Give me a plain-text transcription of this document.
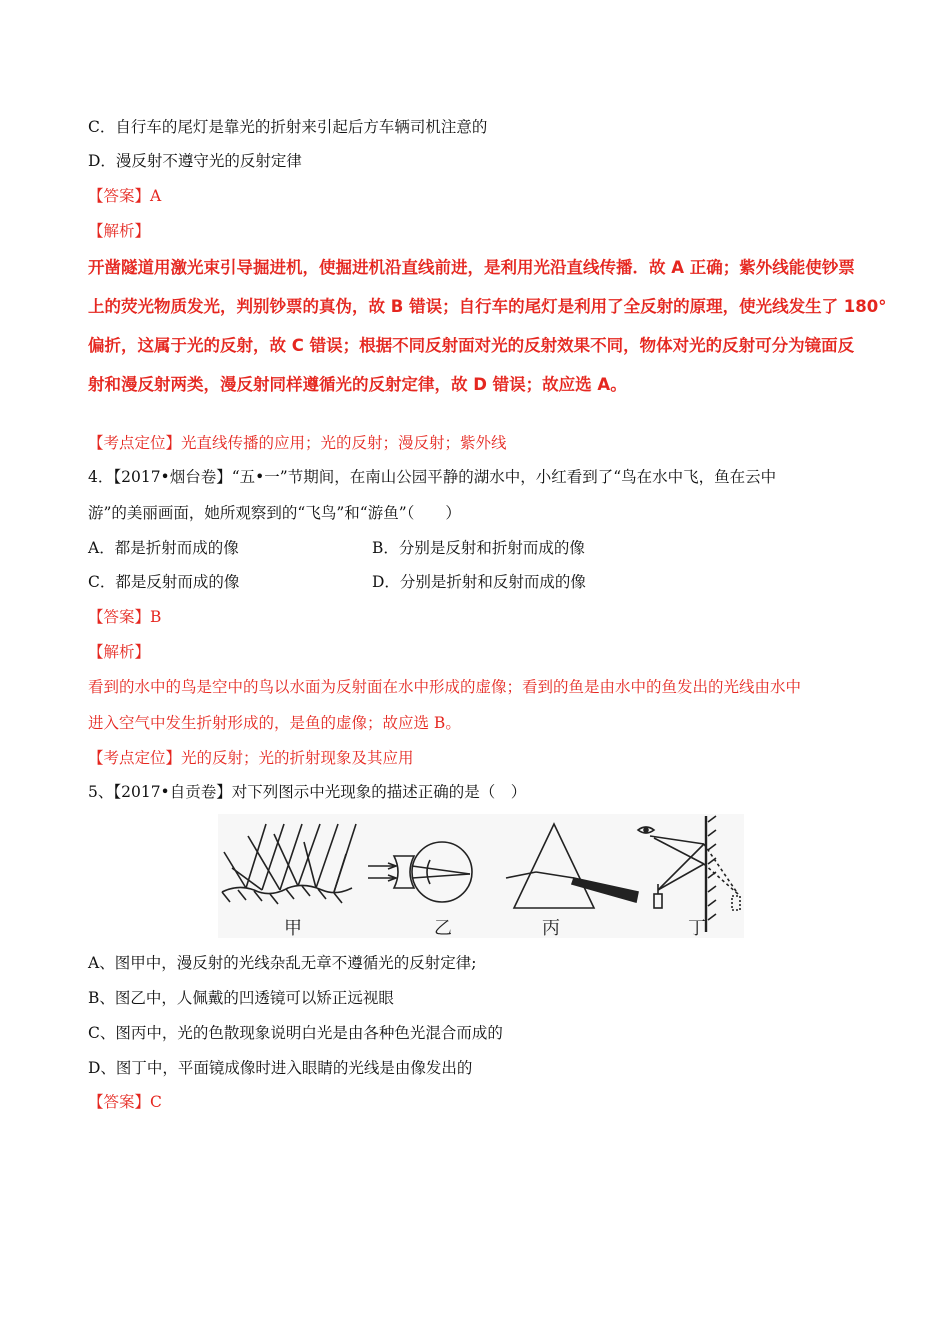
C．自行车的尾灯是靠光的折射来引起后方车辆司机注意的
D．漫反射不遵守光的反射定律
【答案】A
【解析】
开凿隧道用激光束引导掘进机，使掘进机沿直线前进，是利用光沿直线传播．故 A 正确；紫外线能使钞票
上的荧光物质发光，判别钞票的真伪，故 B 错误；自行车的尾灯是利用了全反射的原理，使光线发生了 180°
偏折，这属于光的反射，故 C 错误；根据不同反射面对光的反射效果不同，物体对光的反射可分为镜面反
射和漫反射两类，漫反射同样遵循光的反射定律，故 D 错误；故应选 A。
【考点定位】光直线传播的应用；光的反射；漫反射；紫外线
4．【2017•烟台卷】“五•一”节期间，在南山公园平静的湖水中，小红看到了“鸟在水中飞，鱼在云中
游”的美丽画面，她所观察到的“飞鸟”和“游鱼”（　　）
A．都是折射而成的像	B．分别是反射和折射而成的像
C．都是反射而成的像	D．分别是折射和反射而成的像
【答案】B
【解析】
看到的水中的鸟是空中的鸟以水面为反射面在水中形成的虚像；看到的鱼是由水中的鱼发出的光线由水中
进入空气中发生折射形成的，是鱼的虚像；故应选 B。
【考点定位】光的反射；光的折射现象及其应用
5、【2017•自贡卷】对下列图示中光现象的描述正确的是（　）
甲	乙	丙	丁
A、图甲中，漫反射的光线杂乱无章不遵循光的反射定律;
B、图乙中，人佩戴的凹透镜可以矫正远视眼
C、图丙中，光的色散现象说明白光是由各种色光混合而成的
D、图丁中，平面镜成像时进入眼睛的光线是由像发出的
【答案】C
